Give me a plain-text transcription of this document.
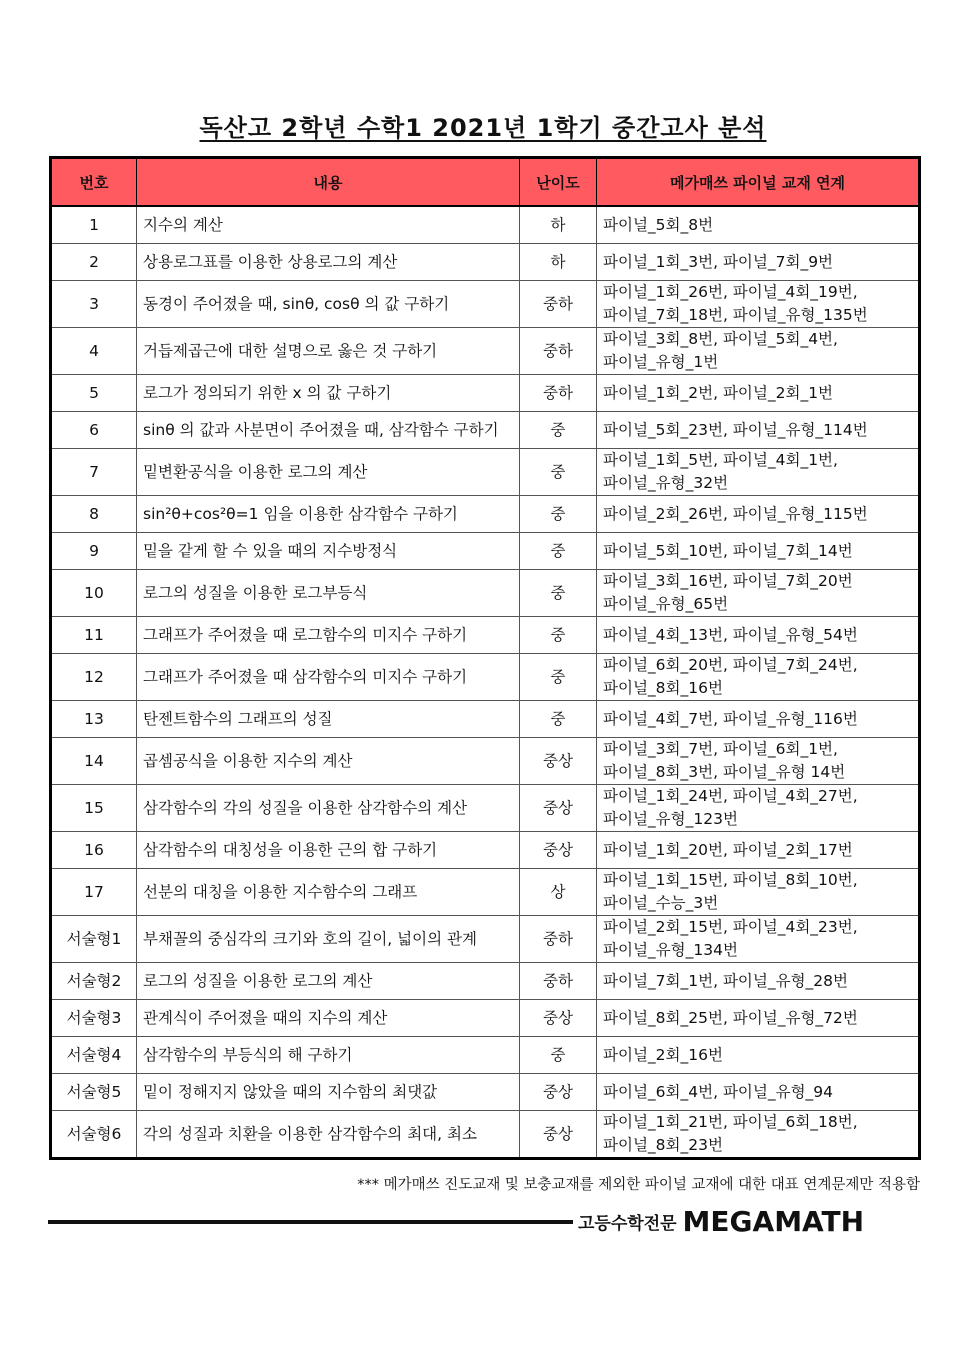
독산고 2학년 수학1 2021년 1학기 중간고사 분석
번호	내용	난이도	메가매쓰 파이널 교재 연계
1	지수의 계산	하	파이널_5회_8번

2	상용로그표를 이용한 상용로그의 계산	하	파이널_1회_3번, 파이널_7회_9번

3	동경이 주어졌을 때, sinθ, cosθ 의 값 구하기	중하	파이널_1회_26번, 파이널_4회_19번,
파이널_7회_18번, 파이널_유형_135번

4	거듭제곱근에 대한 설명으로 옳은 것 구하기	중하	파이널_3회_8번, 파이널_5회_4번,
파이널_유형_1번

5	로그가 정의되기 위한 x 의 값 구하기	중하	파이널_1회_2번, 파이널_2회_1번

6	sinθ 의 값과 사분면이 주어졌을 때, 삼각함수 구하기	중	파이널_5회_23번, 파이널_유형_114번

7	밑변환공식을 이용한 로그의 계산	중	파이널_1회_5번, 파이널_4회_1번,
파이널_유형_32번

8	sin²θ+cos²θ=1 임을 이용한 삼각함수 구하기	중	파이널_2회_26번, 파이널_유형_115번

9	밑을 같게 할 수 있을 때의 지수방정식	중	파이널_5회_10번, 파이널_7회_14번

10	로그의 성질을 이용한 로그부등식	중	파이널_3회_16번, 파이널_7회_20번
파이널_유형_65번

11	그래프가 주어졌을 때 로그함수의 미지수 구하기	중	파이널_4회_13번, 파이널_유형_54번

12	그래프가 주어졌을 때 삼각함수의 미지수 구하기	중	파이널_6회_20번, 파이널_7회_24번,
파이널_8회_16번

13	탄젠트함수의 그래프의 성질	중	파이널_4회_7번, 파이널_유형_116번

14	곱셈공식을 이용한 지수의 계산	중상	파이널_3회_7번, 파이널_6회_1번,
파이널_8회_3번, 파이널_유형 14번

15	삼각함수의 각의 성질을 이용한 삼각함수의 계산	중상	파이널_1회_24번, 파이널_4회_27번,
파이널_유형_123번

16	삼각함수의 대칭성을 이용한 근의 합 구하기	중상	파이널_1회_20번, 파이널_2회_17번

17	선분의 대칭을 이용한 지수함수의 그래프	상	파이널_1회_15번, 파이널_8회_10번,
파이널_수능_3번

서술형1	부채꼴의 중심각의 크기와 호의 길이, 넓이의 관계	중하	파이널_2회_15번, 파이널_4회_23번,
파이널_유형_134번

서술형2	로그의 성질을 이용한 로그의 계산	중하	파이널_7회_1번, 파이널_유형_28번

서술형3	관계식이 주어졌을 때의 지수의 계산	중상	파이널_8회_25번, 파이널_유형_72번

서술형4	삼각함수의 부등식의 해 구하기	중	파이널_2회_16번

서술형5	밑이 정해지지 않았을 때의 지수함의 최댓값	중상	파이널_6회_4번, 파이널_유형_94

서술형6	각의 성질과 치환을 이용한 삼각함수의 최대, 최소	중상	파이널_1회_21번, 파이널_6회_18번,
파이널_8회_23번
*** 메가매쓰 진도교재 및 보충교재를 제외한 파이널 교재에 대한 대표 연계문제만 적용함
고등수학전문 MEGAMATH
